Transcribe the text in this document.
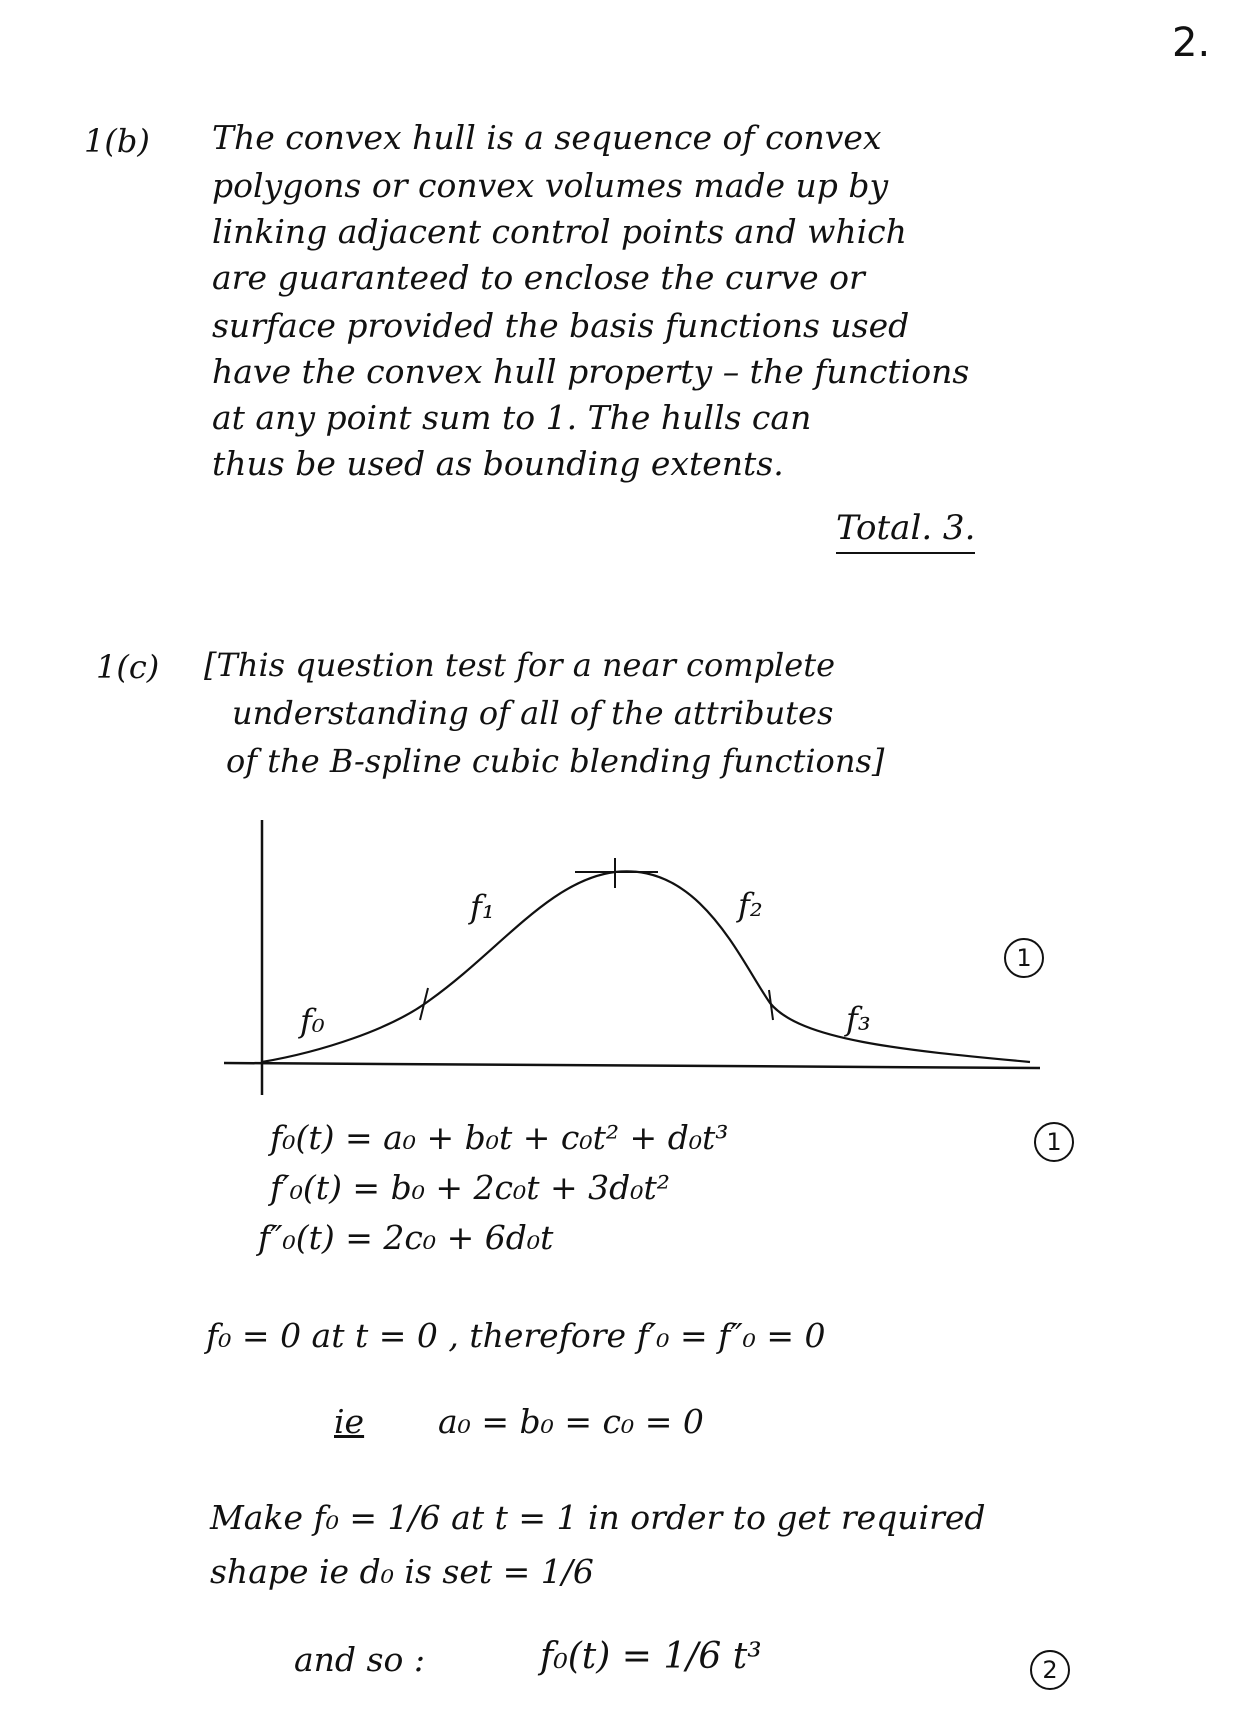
2.
1(b) The convex hull is a sequence of convex
polygons or convex volumes made up by
linking adjacent control points and which
are guaranteed to enclose the curve or
surface provided the basis functions used
have the convex hull property – the functions
at any point sum to 1. The hulls can
thus be used as bounding extents.
Total. 3.
1(c) [This question test for a near complete
understanding of all of the attributes
of the B-spline cubic blending functions]
f₀
f₁	f₂
f₃
1
f₀(t) = a₀ + b₀t + c₀t² + d₀t³
f′₀(t) = b₀ + 2c₀t + 3d₀t²
f″₀(t) = 2c₀ + 6d₀t
1
f₀ = 0 at t = 0 , therefore f′₀ = f″₀ = 0
ie a₀ = b₀ = c₀ = 0
Make f₀ = 1/6 at t = 1 in order to get required
shape ie d₀ is set = 1/6
and so :	f₀(t) = 1/6 t³	2
